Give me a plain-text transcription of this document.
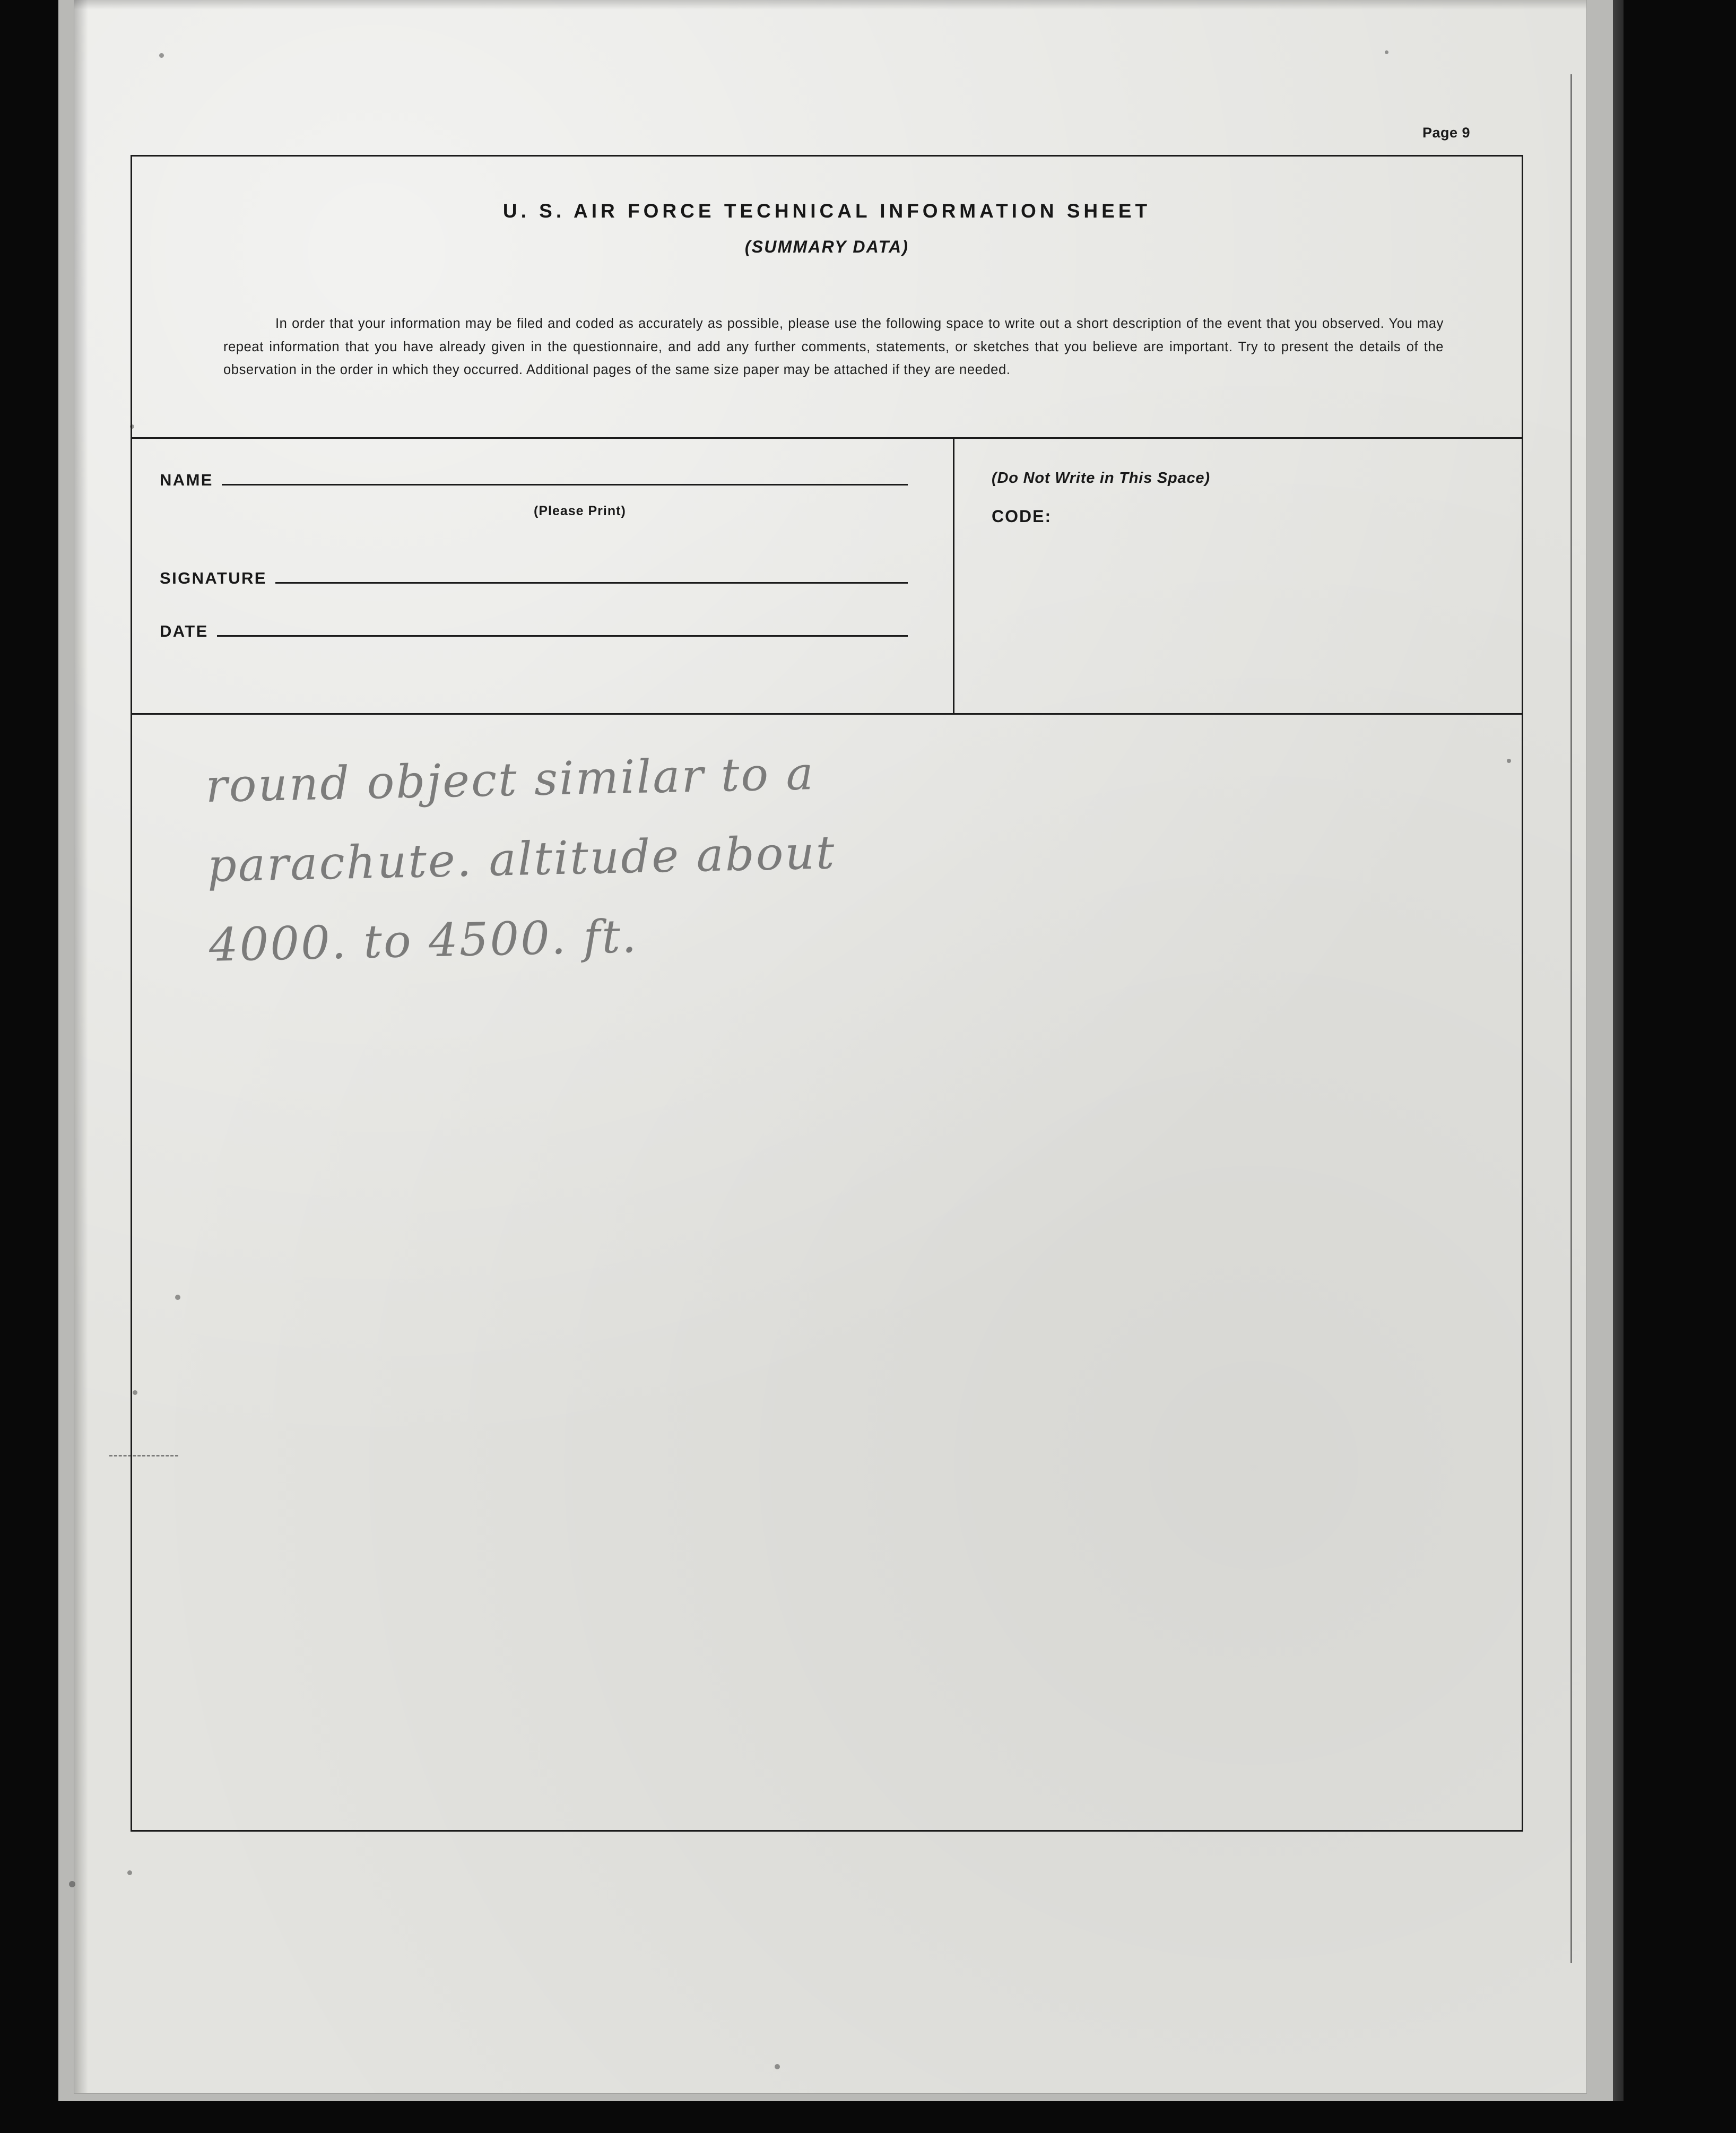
Page 9
U. S. AIR FORCE TECHNICAL INFORMATION SHEET
(SUMMARY DATA)
In order that your information may be filed and coded as accurately as possible, please use the following space to write out a short description of the event that you observed. You may repeat information that you have already given in the questionnaire, and add any further comments, statements, or sketches that you believe are important. Try to present the details of the observation in the order in which they occurred. Additional pages of the same size paper may be attached if they are needed.
NAME
(Please Print)
SIGNATURE
DATE
(Do Not Write in This Space)
CODE:
round object similar to a
parachute. altitude about
4000. to 4500. ft.
